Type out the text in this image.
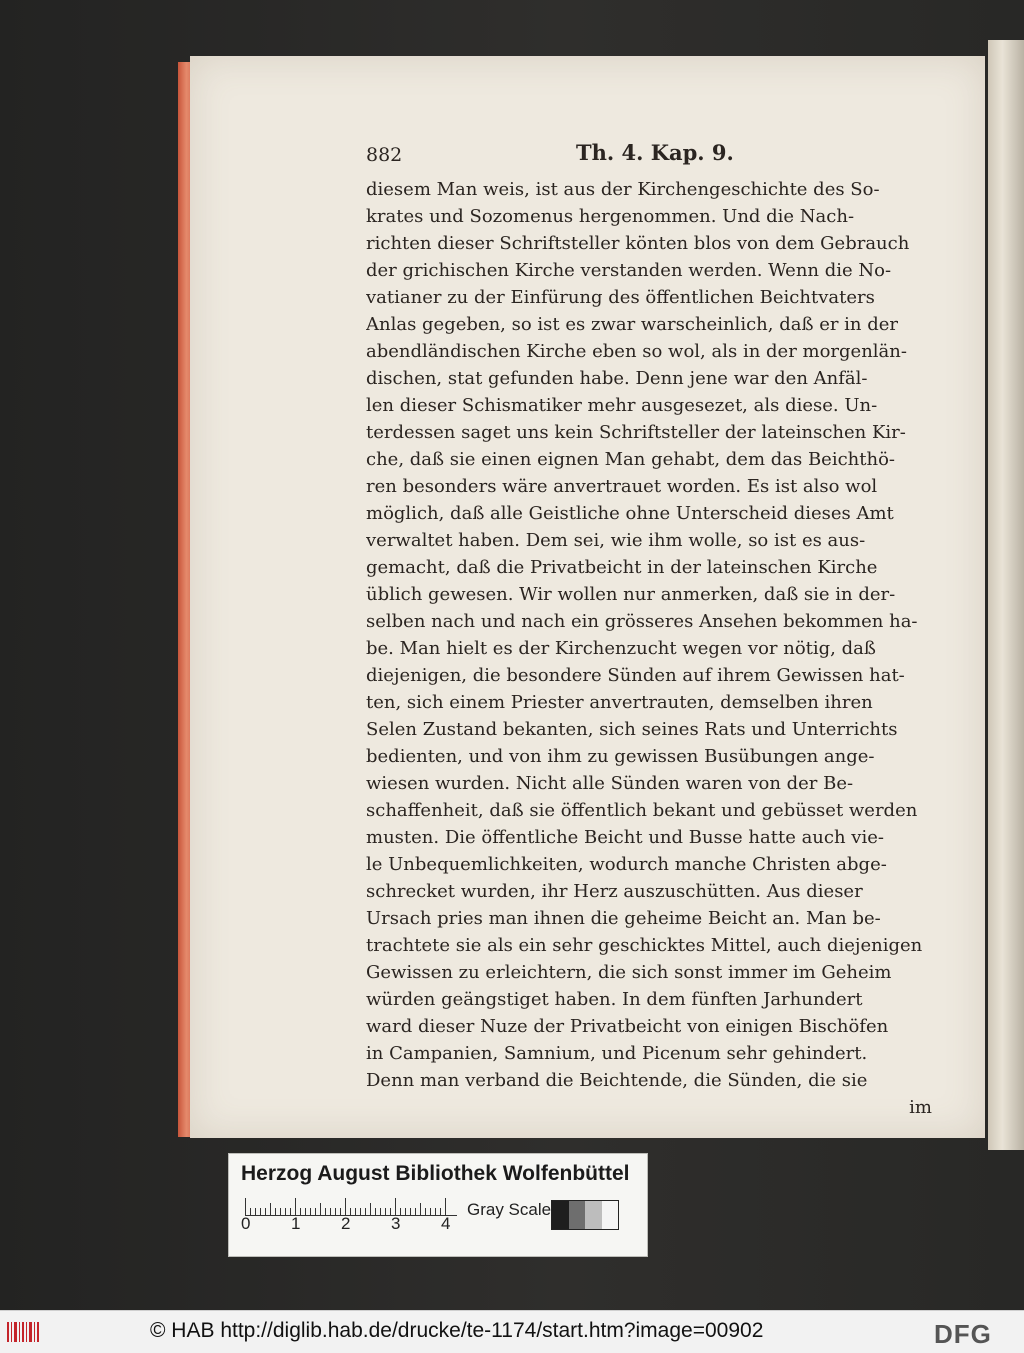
882	Th. 4. Kap. 9.
diesem Man weis, ist aus der Kirchengeschichte des So-
krates und Sozomenus hergenommen. Und die Nach-
richten dieser Schriftsteller könten blos von dem Gebrauch
der grichischen Kirche verstanden werden. Wenn die No-
vatianer zu der Einfürung des öffentlichen Beichtvaters
Anlas gegeben, so ist es zwar warscheinlich, daß er in der
abendländischen Kirche eben so wol, als in der morgenlän-
dischen, stat gefunden habe. Denn jene war den Anfäl-
len dieser Schismatiker mehr ausgesezet, als diese. Un-
terdessen saget uns kein Schriftsteller der lateinschen Kir-
che, daß sie einen eignen Man gehabt, dem das Beichthö-
ren besonders wäre anvertrauet worden. Es ist also wol
möglich, daß alle Geistliche ohne Unterscheid dieses Amt
verwaltet haben. Dem sei, wie ihm wolle, so ist es aus-
gemacht, daß die Privatbeicht in der lateinschen Kirche
üblich gewesen. Wir wollen nur anmerken, daß sie in der-
selben nach und nach ein grösseres Ansehen bekommen ha-
be. Man hielt es der Kirchenzucht wegen vor nötig, daß
diejenigen, die besondere Sünden auf ihrem Gewissen hat-
ten, sich einem Priester anvertrauten, demselben ihren
Selen Zustand bekanten, sich seines Rats und Unterrichts
bedienten, und von ihm zu gewissen Busübungen ange-
wiesen wurden. Nicht alle Sünden waren von der Be-
schaffenheit, daß sie öffentlich bekant und gebüsset werden
musten. Die öffentliche Beicht und Busse hatte auch vie-
le Unbequemlichkeiten, wodurch manche Christen abge-
schrecket wurden, ihr Herz auszuschütten. Aus dieser
Ursach pries man ihnen die geheime Beicht an. Man be-
trachtete sie als ein sehr geschicktes Mittel, auch diejenigen
Gewissen zu erleichtern, die sich sonst immer im Geheim
würden geängstiget haben. In dem fünften Jarhundert
ward dieser Nuze der Privatbeicht von einigen Bischöfen
in Campanien, Samnium, und Picenum sehr gehindert.
Denn man verband die Beichtende, die Sünden, die sie
im
Herzog August Bibliothek Wolfenbüttel
0 1 2 3 4
Gray Scale
© HAB http://diglib.hab.de/drucke/te-1174/start.htm?image=00902	DFG
